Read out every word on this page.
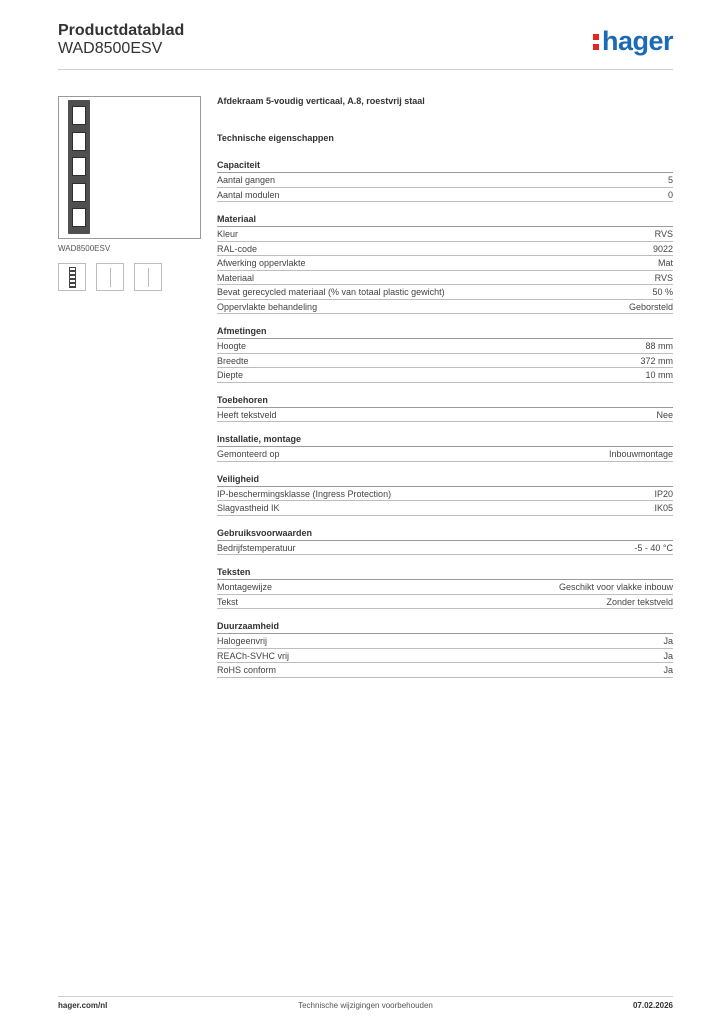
Productdatablad
WAD8500ESV	hager
WAD8500ESV
Afdekraam 5-voudig verticaal, A.8, roestvrij staal
Technische eigenschappen
Capaciteit
Aantal gangen	5
Aantal modulen	0
Materiaal
Kleur	RVS
RAL-code	9022
Afwerking oppervlakte	Mat
Materiaal	RVS
Bevat gerecycled materiaal (% van totaal plastic gewicht)	50 %
Oppervlakte behandeling	Geborsteld
Afmetingen
Hoogte	88 mm
Breedte	372 mm
Diepte	10 mm
Toebehoren
Heeft tekstveld	Nee
Installatie, montage
Gemonteerd op	Inbouwmontage
Veiligheid
IP-beschermingsklasse (Ingress Protection)	IP20
Slagvastheid IK	IK05
Gebruiksvoorwaarden
Bedrijfstemperatuur	-5 - 40 °C
Teksten
Montagewijze	Geschikt voor vlakke inbouw
Tekst	Zonder tekstveld
Duurzaamheid
Halogeenvrij	Ja
REACh-SVHC vrij	Ja
RoHS conform	Ja
hager.com/nl	Technische wijzigingen voorbehouden	07.02.2026
